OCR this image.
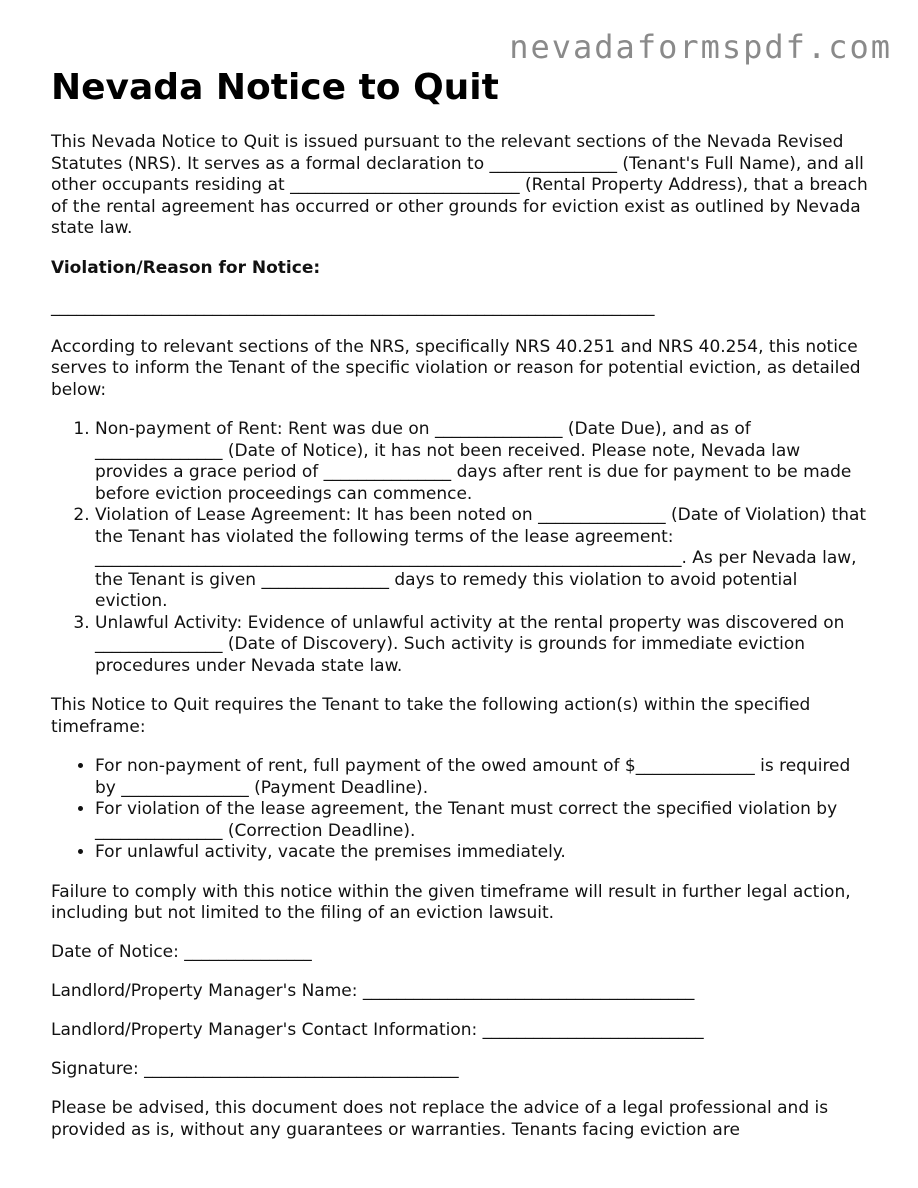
nevadaformspdf.com
Nevada Notice to Quit

This Nevada Notice to Quit is issued pursuant to the relevant sections of the Nevada Revised Statutes (NRS). It serves as a formal declaration to _______________ (Tenant's Full Name), and all other occupants residing at ___________________________ (Rental Property Address), that a breach of the rental agreement has occurred or other grounds for eviction exist as outlined by Nevada state law.

Violation/Reason for Notice:

_______________________________________________________________________

According to relevant sections of the NRS, specifically NRS 40.251 and NRS 40.254, this notice serves to inform the Tenant of the specific violation or reason for potential eviction, as detailed below:

1. Non-payment of Rent: Rent was due on _______________ (Date Due), and as of _______________ (Date of Notice), it has not been received. Please note, Nevada law provides a grace period of _______________ days after rent is due for payment to be made before eviction proceedings can commence.
2. Violation of Lease Agreement: It has been noted on _______________ (Date of Violation) that the Tenant has violated the following terms of the lease agreement: _____________________________________________________________________. As per Nevada law, the Tenant is given _______________ days to remedy this violation to avoid potential eviction.
3. Unlawful Activity: Evidence of unlawful activity at the rental property was discovered on _______________ (Date of Discovery). Such activity is grounds for immediate eviction procedures under Nevada state law.

This Notice to Quit requires the Tenant to take the following action(s) within the specified timeframe:

• For non-payment of rent, full payment of the owed amount of $______________ is required by _______________ (Payment Deadline).
• For violation of the lease agreement, the Tenant must correct the specified violation by _______________ (Correction Deadline).
• For unlawful activity, vacate the premises immediately.

Failure to comply with this notice within the given timeframe will result in further legal action, including but not limited to the filing of an eviction lawsuit.

Date of Notice: _______________

Landlord/Property Manager's Name: _______________________________________

Landlord/Property Manager's Contact Information: __________________________

Signature: _____________________________________

Please be advised, this document does not replace the advice of a legal professional and is provided as is, without any guarantees or warranties. Tenants facing eviction are
